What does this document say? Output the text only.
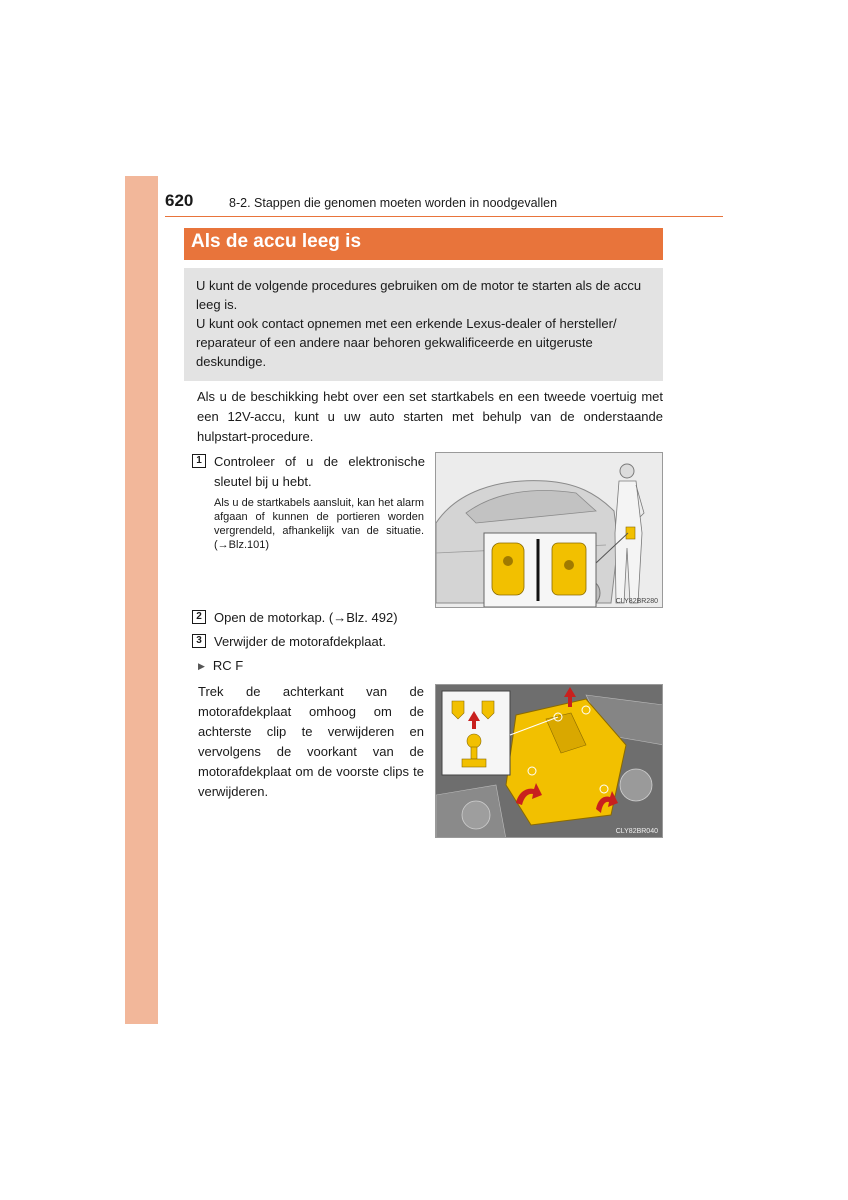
620	8-2. Stappen die genomen moeten worden in noodgevallen
Als de accu leeg is

U kunt de volgende procedures gebruiken om de motor te starten als de accu leeg is.

U kunt ook contact opnemen met een erkende Lexus-dealer of hersteller/ reparateur of een andere naar behoren gekwalificeerde en uitgeruste deskundige.

Als u de beschikking hebt over een set startkabels en een tweede voertuig met een 12V-accu, kunt u uw auto starten met behulp van de onderstaande hulpstart-procedure.

1 Controleer of u de elektronische sleutel bij u hebt.

Als u de startkabels aansluit, kan het alarm afgaan of kunnen de portieren worden vergrendeld, afhankelijk van de situatie. (→Blz.101)

2 Open de motorkap. (→Blz. 492)
3 Verwijder de motorafdekplaat.
▶ RC F

Trek de achterkant van de motorafdekplaat omhoog om de achterste clip te verwijderen en vervolgens de voorkant van de motorafdekplaat om de voorste clips te verwijderen.

CLY82BR280
CLY82BR040
